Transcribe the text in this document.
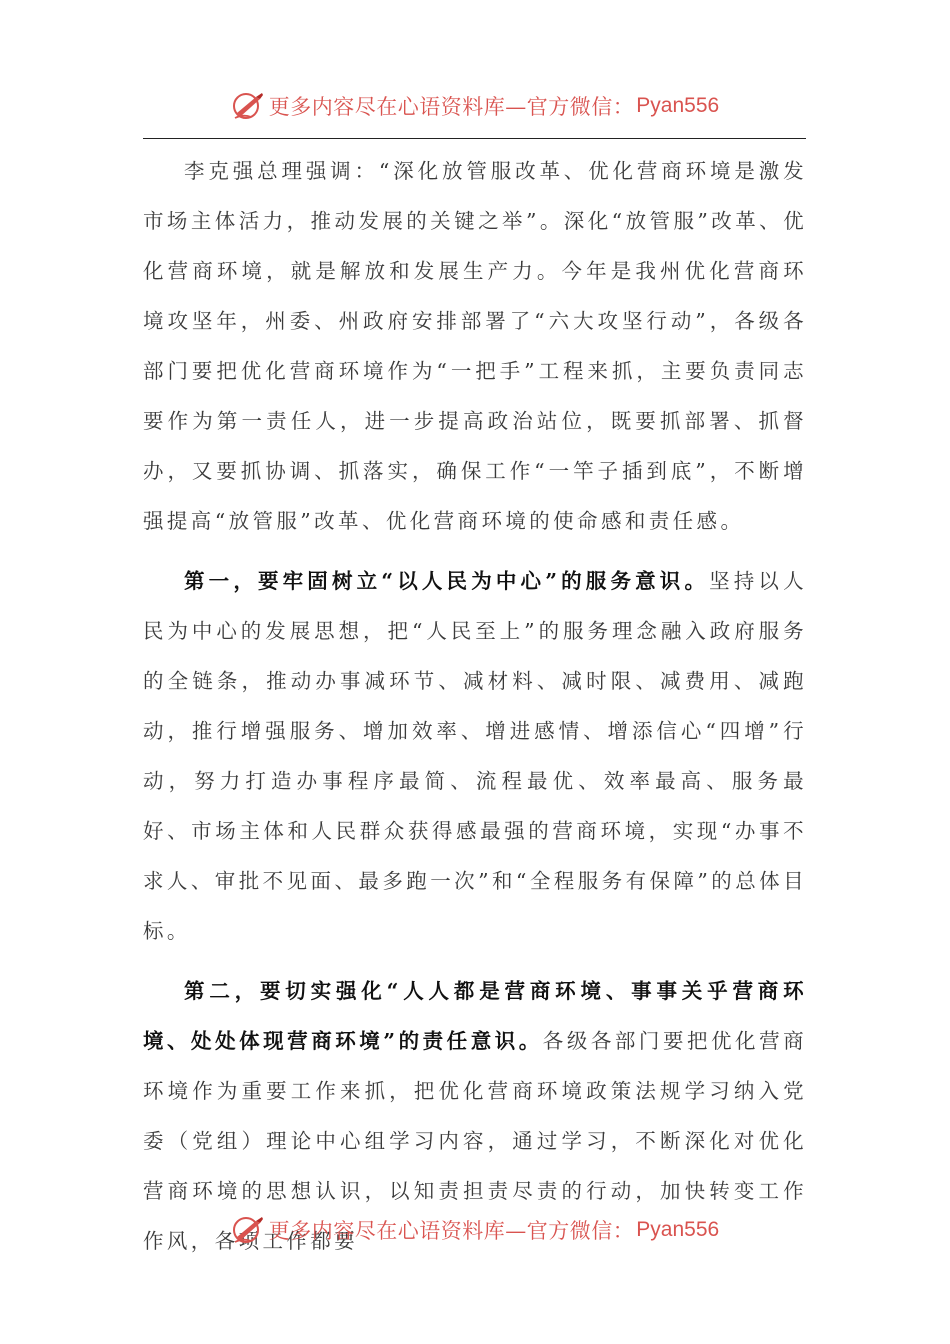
更多内容尽在心语资料库—官方微信： Pyan556

李克强总理强调：“深化放管服改革、优化营商环境是激发市场主体活力，推动发展的关键之举”。深化“放管服”改革、优化营商环境，就是解放和发展生产力。今年是我州优化营商环境攻坚年，州委、州政府安排部署了“六大攻坚行动”，各级各部门要把优化营商环境作为“一把手”工程来抓，主要负责同志要作为第一责任人，进一步提高政治站位，既要抓部署、抓督办，又要抓协调、抓落实，确保工作“一竿子插到底”，不断增强提高“放管服”改革、优化营商环境的使命感和责任感。

第一，要牢固树立“以人民为中心”的服务意识。坚持以人民为中心的发展思想，把“人民至上”的服务理念融入政府服务的全链条，推动办事减环节、减材料、减时限、减费用、减跑动，推行增强服务、增加效率、增进感情、增添信心“四增”行动，努力打造办事程序最简、流程最优、效率最高、服务最好、市场主体和人民群众获得感最强的营商环境，实现“办事不求人、审批不见面、最多跑一次”和“全程服务有保障”的总体目标。

第二，要切实强化“人人都是营商环境、事事关乎营商环境、处处体现营商环境”的责任意识。各级各部门要把优化营商环境作为重要工作来抓，把优化营商环境政策法规学习纳入党委（党组）理论中心组学习内容，通过学习，不断深化对优化营商环境的思想认识，以知责担责尽责的行动，加快转变工作作风，各项工作都要

更多内容尽在心语资料库—官方微信： Pyan556
